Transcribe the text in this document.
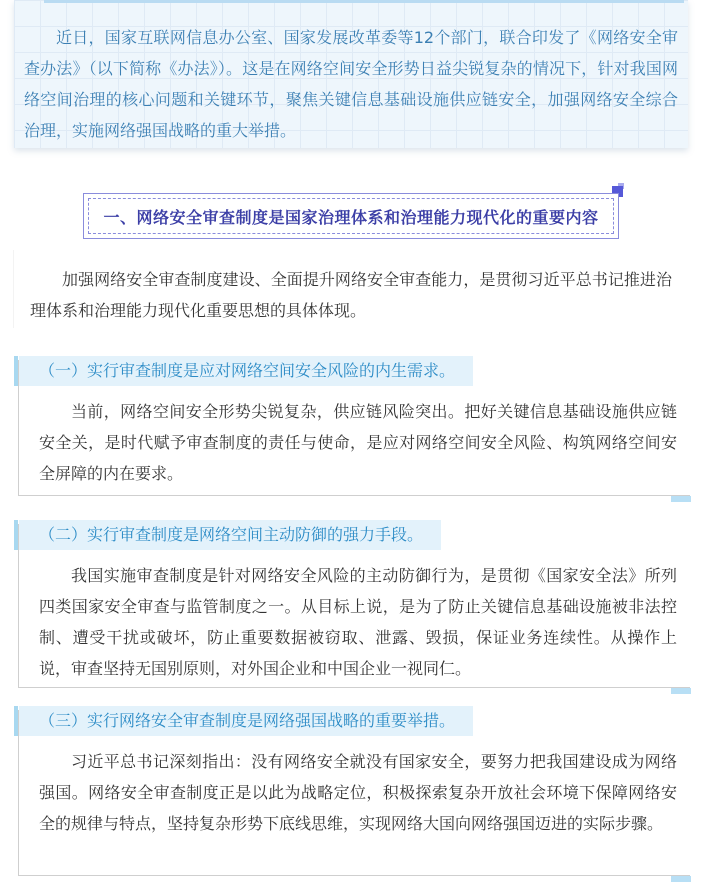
近日，国家互联网信息办公室、国家发展改革委等12个部门，联合印发了《网络安全审查办法》（以下简称《办法》）。这是在网络空间安全形势日益尖锐复杂的情况下，针对我国网络空间治理的核心问题和关键环节，聚焦关键信息基础设施供应链安全，加强网络安全综合治理，实施网络强国战略的重大举措。

一、网络安全审查制度是国家治理体系和治理能力现代化的重要内容

加强网络安全审查制度建设、全面提升网络安全审查能力，是贯彻习近平总书记推进治理体系和治理能力现代化重要思想的具体体现。

（一）实行审查制度是应对网络空间安全风险的内生需求。

当前，网络空间安全形势尖锐复杂，供应链风险突出。把好关键信息基础设施供应链安全关，是时代赋予审查制度的责任与使命，是应对网络空间安全风险、构筑网络空间安全屏障的内在要求。

（二）实行审查制度是网络空间主动防御的强力手段。

我国实施审查制度是针对网络安全风险的主动防御行为，是贯彻《国家安全法》所列四类国家安全审查与监管制度之一。从目标上说，是为了防止关键信息基础设施被非法控制、遭受干扰或破坏，防止重要数据被窃取、泄露、毁损，保证业务连续性。从操作上说，审查坚持无国别原则，对外国企业和中国企业一视同仁。

（三）实行网络安全审查制度是网络强国战略的重要举措。

习近平总书记深刻指出：没有网络安全就没有国家安全，要努力把我国建设成为网络强国。网络安全审查制度正是以此为战略定位，积极探索复杂开放社会环境下保障网络安全的规律与特点，坚持复杂形势下底线思维，实现网络大国向网络强国迈进的实际步骤。
